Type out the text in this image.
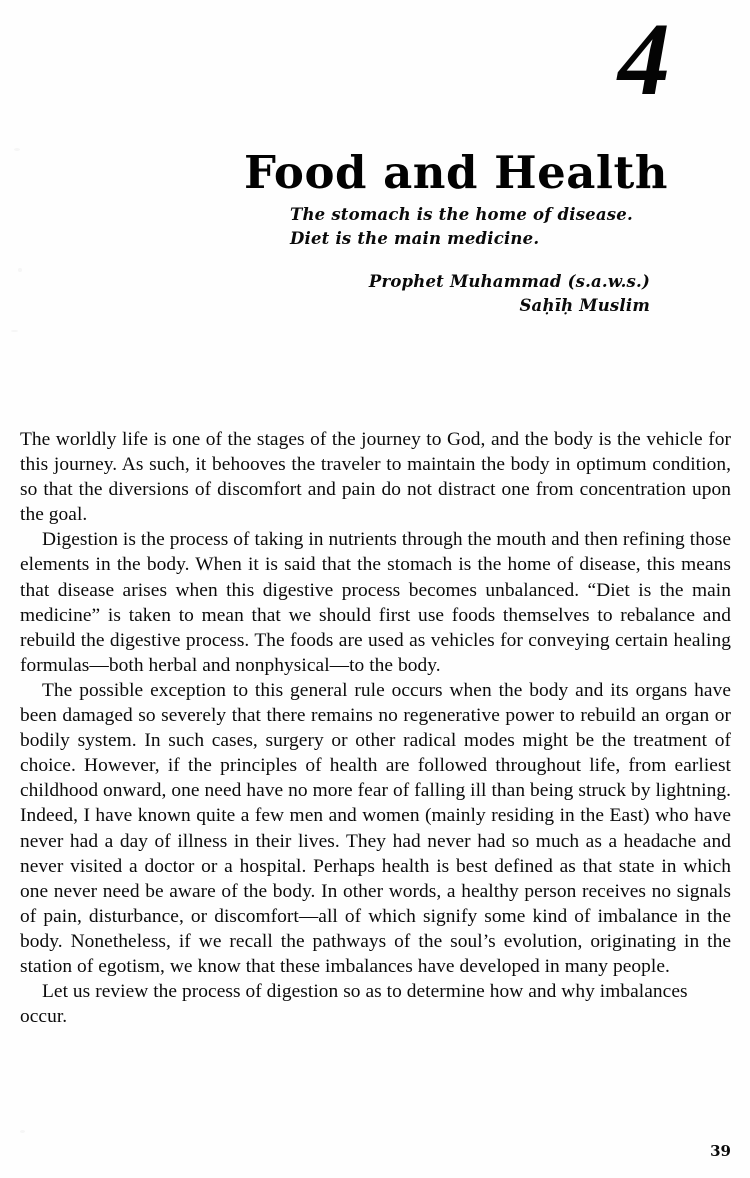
4
Food and Health
The stomach is the home of disease.
Diet is the main medicine.
Prophet Muhammad (s.a.w.s.)
Saḥīḥ Muslim

The worldly life is one of the stages of the journey to God, and the body is the vehicle for this journey. As such, it behooves the traveler to maintain the body in optimum condition, so that the diversions of discomfort and pain do not distract one from concentration upon the goal.

Digestion is the process of taking in nutrients through the mouth and then refining those elements in the body. When it is said that the stomach is the home of disease, this means that disease arises when this digestive process becomes unbalanced. “Diet is the main medicine” is taken to mean that we should first use foods themselves to rebalance and rebuild the digestive process. The foods are used as vehicles for conveying certain healing formulas—both herbal and nonphysical—to the body.

The possible exception to this general rule occurs when the body and its organs have been damaged so severely that there remains no regenerative power to rebuild an organ or bodily system. In such cases, surgery or other radical modes might be the treatment of choice. However, if the principles of health are followed throughout life, from earliest childhood onward, one need have no more fear of falling ill than being struck by lightning. Indeed, I have known quite a few men and women (mainly residing in the East) who have never had a day of illness in their lives. They had never had so much as a headache and never visited a doctor or a hospital. Perhaps health is best defined as that state in which one never need be aware of the body. In other words, a healthy person receives no signals of pain, disturbance, or discomfort—all of which signify some kind of imbalance in the body. Nonetheless, if we recall the pathways of the soul’s evolution, originating in the station of egotism, we know that these imbalances have developed in many people.

Let us review the process of digestion so as to determine how and why imbalances occur.

39
